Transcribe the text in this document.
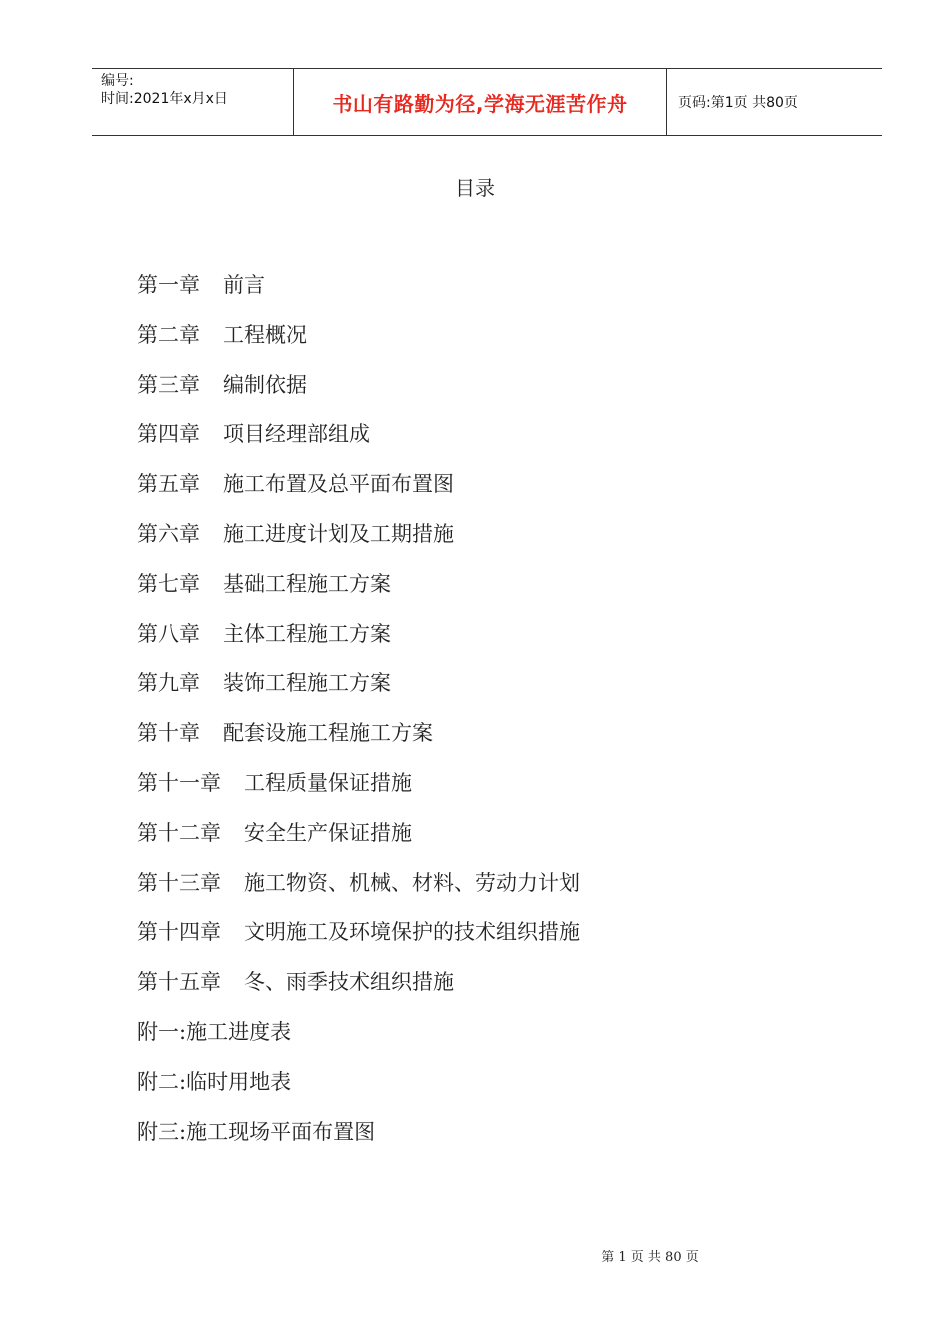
编号:
时间:2021年x月x日	书山有路勤为径,学海无涯苦作舟	页码:第1页 共80页
目录
第一章 前言
第二章 工程概况
第三章 编制依据
第四章 项目经理部组成
第五章 施工布置及总平面布置图
第六章 施工进度计划及工期措施
第七章 基础工程施工方案
第八章 主体工程施工方案
第九章 装饰工程施工方案
第十章 配套设施工程施工方案
第十一章 工程质量保证措施
第十二章 安全生产保证措施
第十三章 施工物资、机械、材料、劳动力计划
第十四章 文明施工及环境保护的技术组织措施
第十五章 冬、雨季技术组织措施
附一:施工进度表
附二:临时用地表
附三:施工现场平面布置图
第 1 页 共 80 页
